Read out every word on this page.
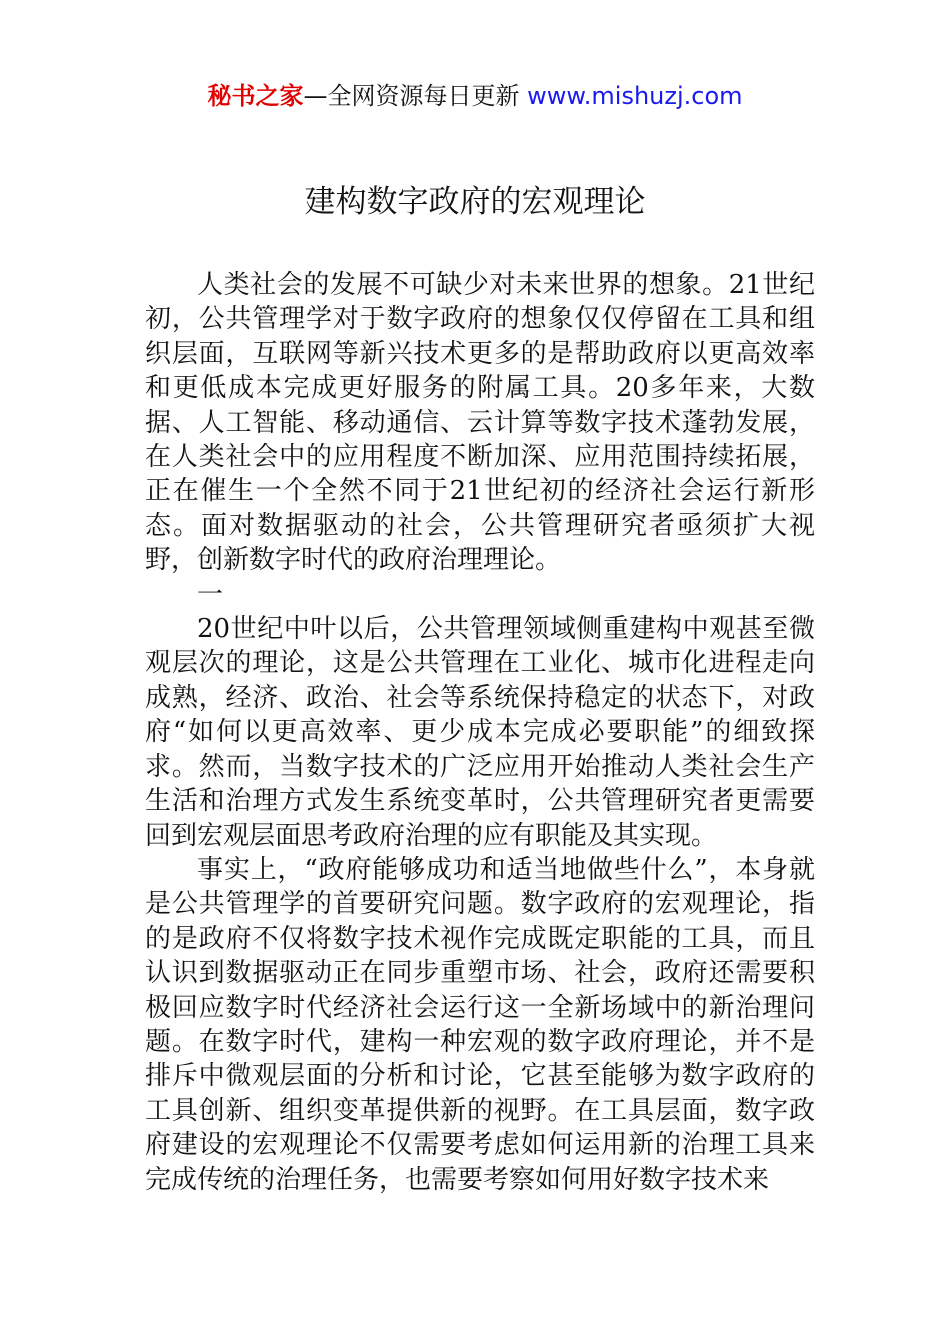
秘书之家—全网资源每日更新 www.mishuzj.com
建构数字政府的宏观理论

人类社会的发展不可缺少对未来世界的想象。21世纪初，公共管理学对于数字政府的想象仅仅停留在工具和组织层面，互联网等新兴技术更多的是帮助政府以更高效率和更低成本完成更好服务的附属工具。20多年来，大数据、人工智能、移动通信、云计算等数字技术蓬勃发展，在人类社会中的应用程度不断加深、应用范围持续拓展，正在催生一个全然不同于21世纪初的经济社会运行新形态。面对数据驱动的社会，公共管理研究者亟须扩大视野，创新数字时代的政府治理理论。

一

20世纪中叶以后，公共管理领域侧重建构中观甚至微观层次的理论，这是公共管理在工业化、城市化进程走向成熟，经济、政治、社会等系统保持稳定的状态下，对政府“如何以更高效率、更少成本完成必要职能”的细致探求。然而，当数字技术的广泛应用开始推动人类社会生产生活和治理方式发生系统变革时，公共管理研究者更需要回到宏观层面思考政府治理的应有职能及其实现。

事实上，“政府能够成功和适当地做些什么”，本身就是公共管理学的首要研究问题。数字政府的宏观理论，指的是政府不仅将数字技术视作完成既定职能的工具，而且认识到数据驱动正在同步重塑市场、社会，政府还需要积极回应数字时代经济社会运行这一全新场域中的新治理问题。在数字时代，建构一种宏观的数字政府理论，并不是排斥中微观层面的分析和讨论，它甚至能够为数字政府的工具创新、组织变革提供新的视野。在工具层面，数字政府建设的宏观理论不仅需要考虑如何运用新的治理工具来完成传统的治理任务，也需要考察如何用好数字技术来
